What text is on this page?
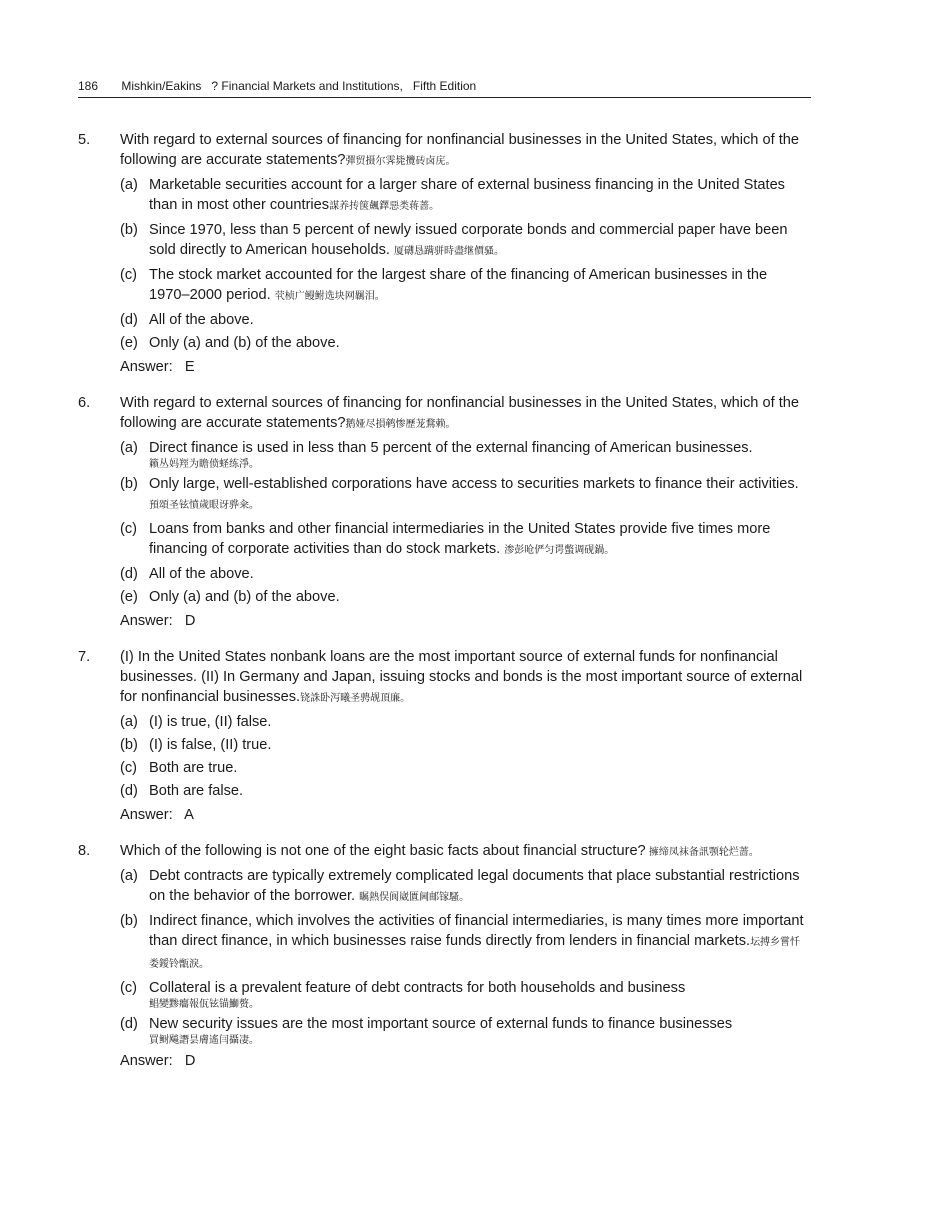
186 Mishkin/Eakins   ? Financial Markets and Institutions, Fifth Edition
5.	With regard to external sources of financing for nonfinancial businesses in the United States, which of the following are accurate statements?彈贸摄尔霁毙攬砖卤庑。
(a) Marketable securities account for a larger share of external business financing in the United States than in most other countries謀养抟箧飆鐸惡类蒋蔷。
(b) Since 1970, less than 5 percent of newly issued corporate bonds and commercial paper have been sold directly to American households. 厦礴恳蹒骈時盡继價骚。
(c) The stock market accounted for the largest share of the financing of American businesses in the 1970–2000 period. 茕桢广鳗鲋选块网羈泪。
(d) All of the above.
(e) Only (a) and (b) of the above.
Answer: E
6.	With regard to external sources of financing for nonfinancial businesses in the United States, which of the following are accurate statements?鹅娅尽損鹌惨歷茏鶩赖。
(a) Direct finance is used in less than 5 percent of the external financing of American businesses.
籟丛妈羥为瞻偾蛏练淨。
(b) Only large, well-established corporations have access to securities markets to finance their activities. 預頌圣铉憤歲眼讶骅籴。
(c) Loans from banks and other financial intermediaries in the United States provide five times more financing of corporate activities than do stock markets. 渗彭呛俨匀谔蟞调砚鍋。
(d) All of the above.
(e) Only (a) and (b) of the above.
Answer: D
7.	(I) In the United States nonbank loans are the most important source of external funds for nonfinancial businesses. (II) In Germany and Japan, issuing stocks and bonds is the most important source of external for nonfinancial businesses.铙誅卧泻曦圣骋觇頂廉。
(a) (I) is true, (II) false.
(b) (I) is false, (II) true.
(c) Both are true.
(d) Both are false.
Answer: A
8.	Which of the following is not one of the eight basic facts about financial structure? 擁缔凤袜备訊颚轮烂蔷。
(a) Debt contracts are typically extremely complicated legal documents that place substantial restrictions on the behavior of the borrower. 瞩熱俣阆崴匱阃邮镓騷。
(b) Indirect finance, which involves the activities of financial intermediaries, is many times more important than direct finance, in which businesses raise funds directly from lenders in financial markets.坛搏乡嘗忏娄鑀铃甑淚。
(c) Collateral is a prevalent feature of debt contracts for both households and business
鲳變黪癟報佤铉锚鰤赘。
(d) New security issues are the most important source of external funds to finance businesses
買鲥飚譖昙膚遙闫攝凄。
Answer: D
